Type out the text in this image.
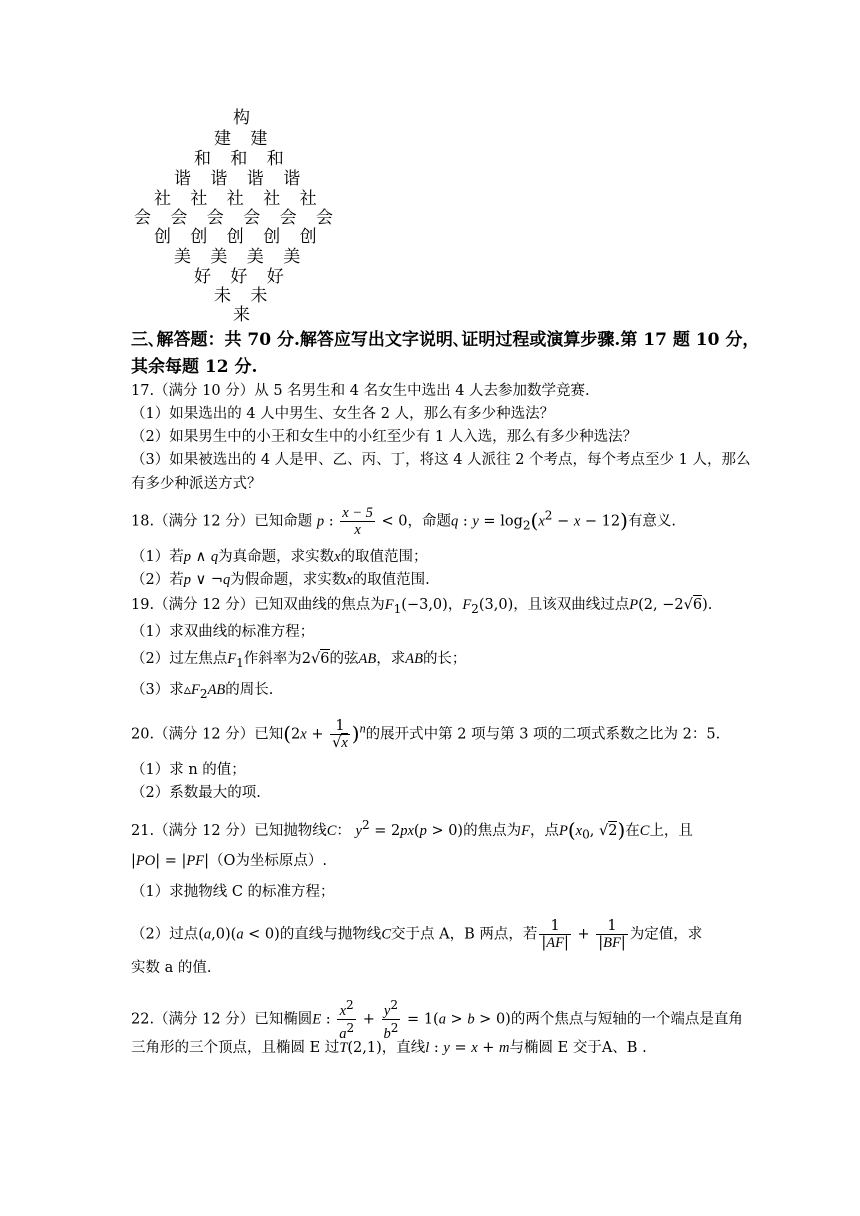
构
建 建
和 和 和
谐 谐 谐 谐
社 社 社 社 社
会 会 会 会 会 会
创 创 创 创 创
美 美 美 美
好 好 好
未 未
来
三､解答题：共 70 分.解答应写出文字说明､证明过程或演算步骤.第 17 题 10 分，
其余每题 12 分.
17.（满分 10 分）从 5 名男生和 4 名女生中选出 4 人去参加数学竞赛.
（1）如果选出的 4 人中男生、女生各 2 人，那么有多少种选法？
（2）如果男生中的小王和女生中的小红至少有 1 人入选，那么有多少种选法？
（3）如果被选出的 4 人是甲、乙、丙、丁，将这 4 人派往 2 个考点，每个考点至少 1 人，那么
有多少种派送方式？
18.（满分 12 分）已知命题 p : $\frac{x - 5}{x} < 0$，命题q : $y = \log_2(x^2 - x - 12)$有意义.
（1）若p ∧ q为真命题，求实数x的取值范围；
（2）若p ∨ ¬q为假命题，求实数x的取值范围.
19.（满分 12 分）已知双曲线的焦点为$F_1(-3,0)$，$F_2(3,0)$，且该双曲线过点P(2, −2√6).
（1）求双曲线的标准方程；
（2）过左焦点$F_1$作斜率为2√6的弦AB，求AB的长；
（3）求$▵F_2AB$的周长.
20.（满分 12 分）已知$(2x + \frac{1}{√x} )^n$的展开式中第 2 项与第 3 项的二项式系数之比为 2：5.
（1）求 n 的值；
（2）系数最大的项.
21.（满分 12 分）已知抛物线C： $y^2 = 2px(p > 0)$的焦点为F，点$P(x_0$, √2)在C上，且
|PO| = |PF|（O为坐标原点）.
（1）求抛物线 C 的标准方程；
（2）过点(a,0)(a < 0)的直线与抛物线C交于点 A，B 两点，若 $\frac{1}{|AF|} + \frac{1}{|BF|}$ 为定值，求
实数 a 的值.
22.（满分 12 分）已知椭圆E : $\frac{x^2}{a^2} + \frac{y^2}{b^2} = 1(a > b > 0)$的两个焦点与短轴的一个端点是直角
三角形的三个顶点，且椭圆 E 过T(2,1)，直线l : y = x + m与椭圆 E 交于A、B .
